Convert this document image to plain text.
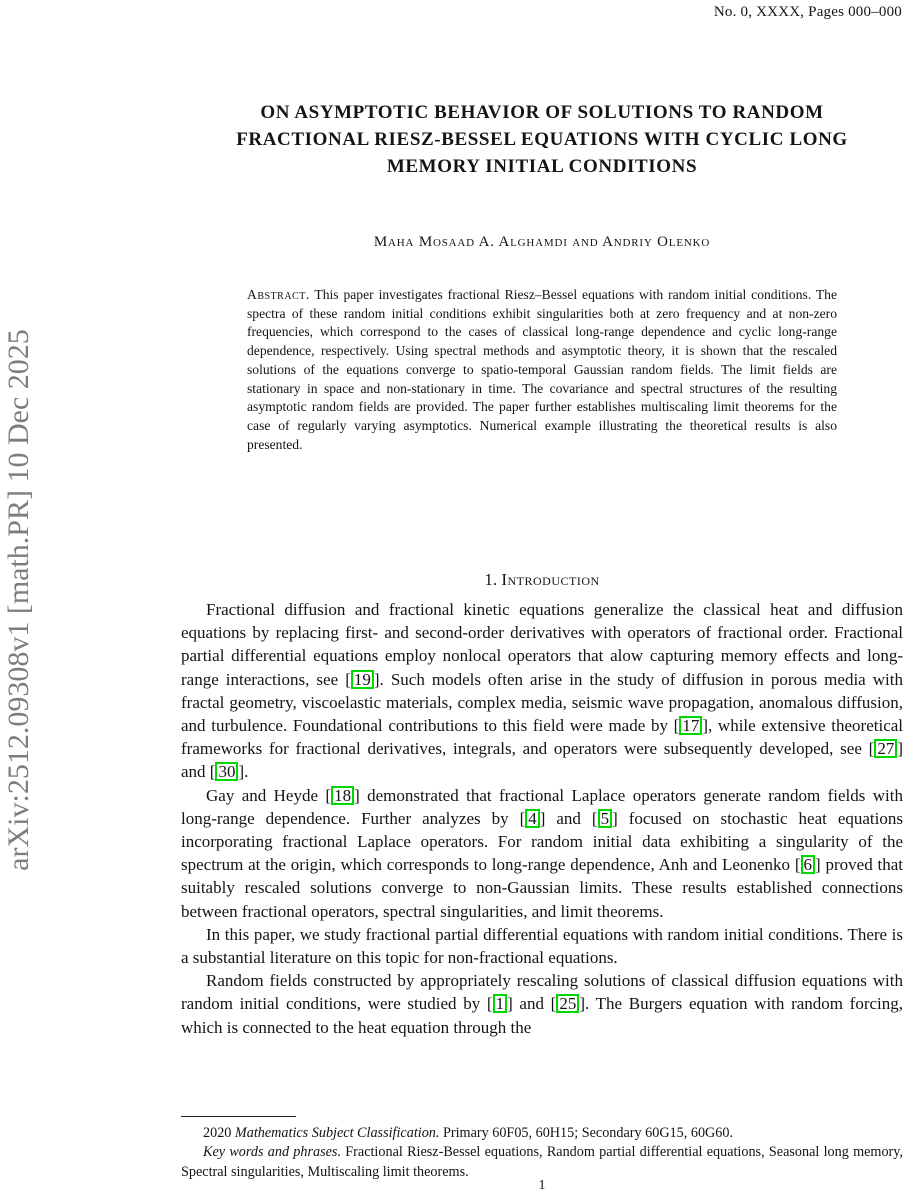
No. 0, XXXX, Pages 000–000
arXiv:2512.09308v1 [math.PR] 10 Dec 2025
ON ASYMPTOTIC BEHAVIOR OF SOLUTIONS TO RANDOM
FRACTIONAL RIESZ-BESSEL EQUATIONS WITH CYCLIC LONG
MEMORY INITIAL CONDITIONS
Maha Mosaad A. Alghamdi and Andriy Olenko
Abstract. This paper investigates fractional Riesz–Bessel equations with random initial conditions. The spectra of these random initial conditions exhibit singularities both at zero frequency and at non-zero frequencies, which correspond to the cases of classical long-range dependence and cyclic long-range dependence, respectively. Using spectral methods and asymptotic theory, it is shown that the rescaled solutions of the equations converge to spatio-temporal Gaussian random fields. The limit fields are stationary in space and non-stationary in time. The covariance and spectral structures of the resulting asymptotic random fields are provided. The paper further establishes multiscaling limit theorems for the case of regularly varying asymptotics. Numerical example illustrating the theoretical results is also presented.
1. Introduction

Fractional diffusion and fractional kinetic equations generalize the classical heat and diffusion equations by replacing first- and second-order derivatives with operators of fractional order. Fractional partial differential equations employ nonlocal operators that alow capturing memory effects and long-range interactions, see [ 19 ]. Such models often arise in the study of diffusion in porous media with fractal geometry, viscoelastic materials, complex media, seismic wave propagation, anomalous diffusion, and turbulence. Foundational contributions to this field were made by [ 17 ], while extensive theoretical frameworks for fractional derivatives, integrals, and operators were subsequently developed, see [ 27 ] and [ 30 ].

Gay and Heyde [ 18 ] demonstrated that fractional Laplace operators generate random fields with long-range dependence. Further analyzes by [ 4 ] and [ 5 ] focused on stochastic heat equations incorporating fractional Laplace operators. For random initial data exhibiting a singularity of the spectrum at the origin, which corresponds to long-range dependence, Anh and Leonenko [ 6 ] proved that suitably rescaled solutions converge to non-Gaussian limits. These results established connections between fractional operators, spectral singularities, and limit theorems.

In this paper, we study fractional partial differential equations with random initial conditions. There is a substantial literature on this topic for non-fractional equations.

Random fields constructed by appropriately rescaling solutions of classical diffusion equations with random initial conditions, were studied by [ 1 ] and [ 25 ]. The Burgers equation with random forcing, which is connected to the heat equation through the

2020 Mathematics Subject Classification. Primary 60F05, 60H15; Secondary 60G15, 60G60.

Key words and phrases. Fractional Riesz-Bessel equations, Random partial differential equations, Seasonal long memory, Spectral singularities, Multiscaling limit theorems.

1
